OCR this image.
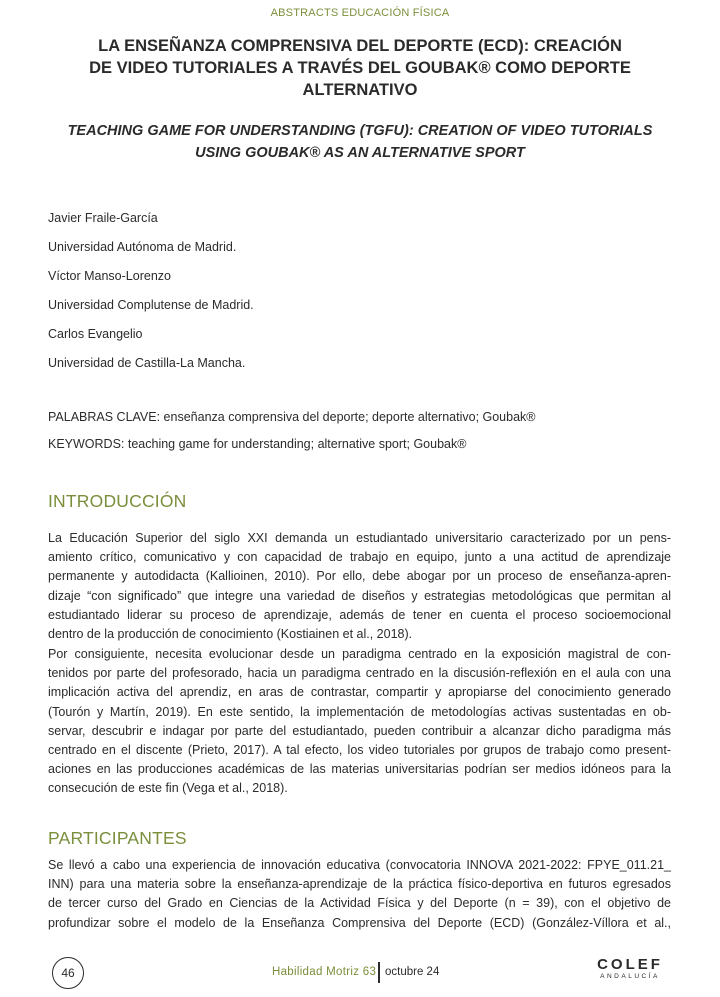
ABSTRACTS EDUCACIÓN FÍSICA
LA ENSEÑANZA COMPRENSIVA DEL DEPORTE (ECD): CREACIÓN
DE VIDEO TUTORIALES A TRAVÉS DEL GOUBAK® COMO DEPORTE
ALTERNATIVO
TEACHING GAME FOR UNDERSTANDING (TGFU): CREATION OF VIDEO TUTORIALS
USING GOUBAK® AS AN ALTERNATIVE SPORT
Javier Fraile-García
Universidad Autónoma de Madrid.
Víctor Manso-Lorenzo
Universidad Complutense de Madrid.
Carlos Evangelio
Universidad de Castilla-La Mancha.
PALABRAS CLAVE: enseñanza comprensiva del deporte; deporte alternativo; Goubak®
KEYWORDS: teaching game for understanding; alternative sport; Goubak®
INTRODUCCIÓN
La Educación Superior del siglo XXI demanda un estudiantado universitario caracterizado por un pens-
amiento crítico, comunicativo y con capacidad de trabajo en equipo, junto a una actitud de aprendizaje
permanente y autodidacta (Kallioinen, 2010). Por ello, debe abogar por un proceso de enseñanza-apren-
dizaje “con significado” que integre una variedad de diseños y estrategias metodológicas que permitan al
estudiantado liderar su proceso de aprendizaje, además de tener en cuenta el proceso socioemocional
dentro de la producción de conocimiento (Kostiainen et al., 2018).
Por consiguiente, necesita evolucionar desde un paradigma centrado en la exposición magistral de con-
tenidos por parte del profesorado, hacia un paradigma centrado en la discusión-reflexión en el aula con una
implicación activa del aprendiz, en aras de contrastar, compartir y apropiarse del conocimiento generado
(Tourón y Martín, 2019). En este sentido, la implementación de metodologías activas sustentadas en ob-
servar, descubrir e indagar por parte del estudiantado, pueden contribuir a alcanzar dicho paradigma más
centrado en el discente (Prieto, 2017). A tal efecto, los video tutoriales por grupos de trabajo como present-
aciones en las producciones académicas de las materias universitarias podrían ser medios idóneos para la
consecución de este fin (Vega et al., 2018).
PARTICIPANTES
Se llevó a cabo una experiencia de innovación educativa (convocatoria INNOVA 2021-2022: FPYE_011.21_
INN) para una materia sobre la enseñanza-aprendizaje de la práctica físico-deportiva en futuros egresados
de tercer curso del Grado en Ciencias de la Actividad Física y del Deporte (n = 39), con el objetivo de
profundizar sobre el modelo de la Enseñanza Comprensiva del Deporte (ECD) (González-Víllora et al.,
46	Habilidad Motriz 63 octubre 24	COLEF
ANDALUCÍA
